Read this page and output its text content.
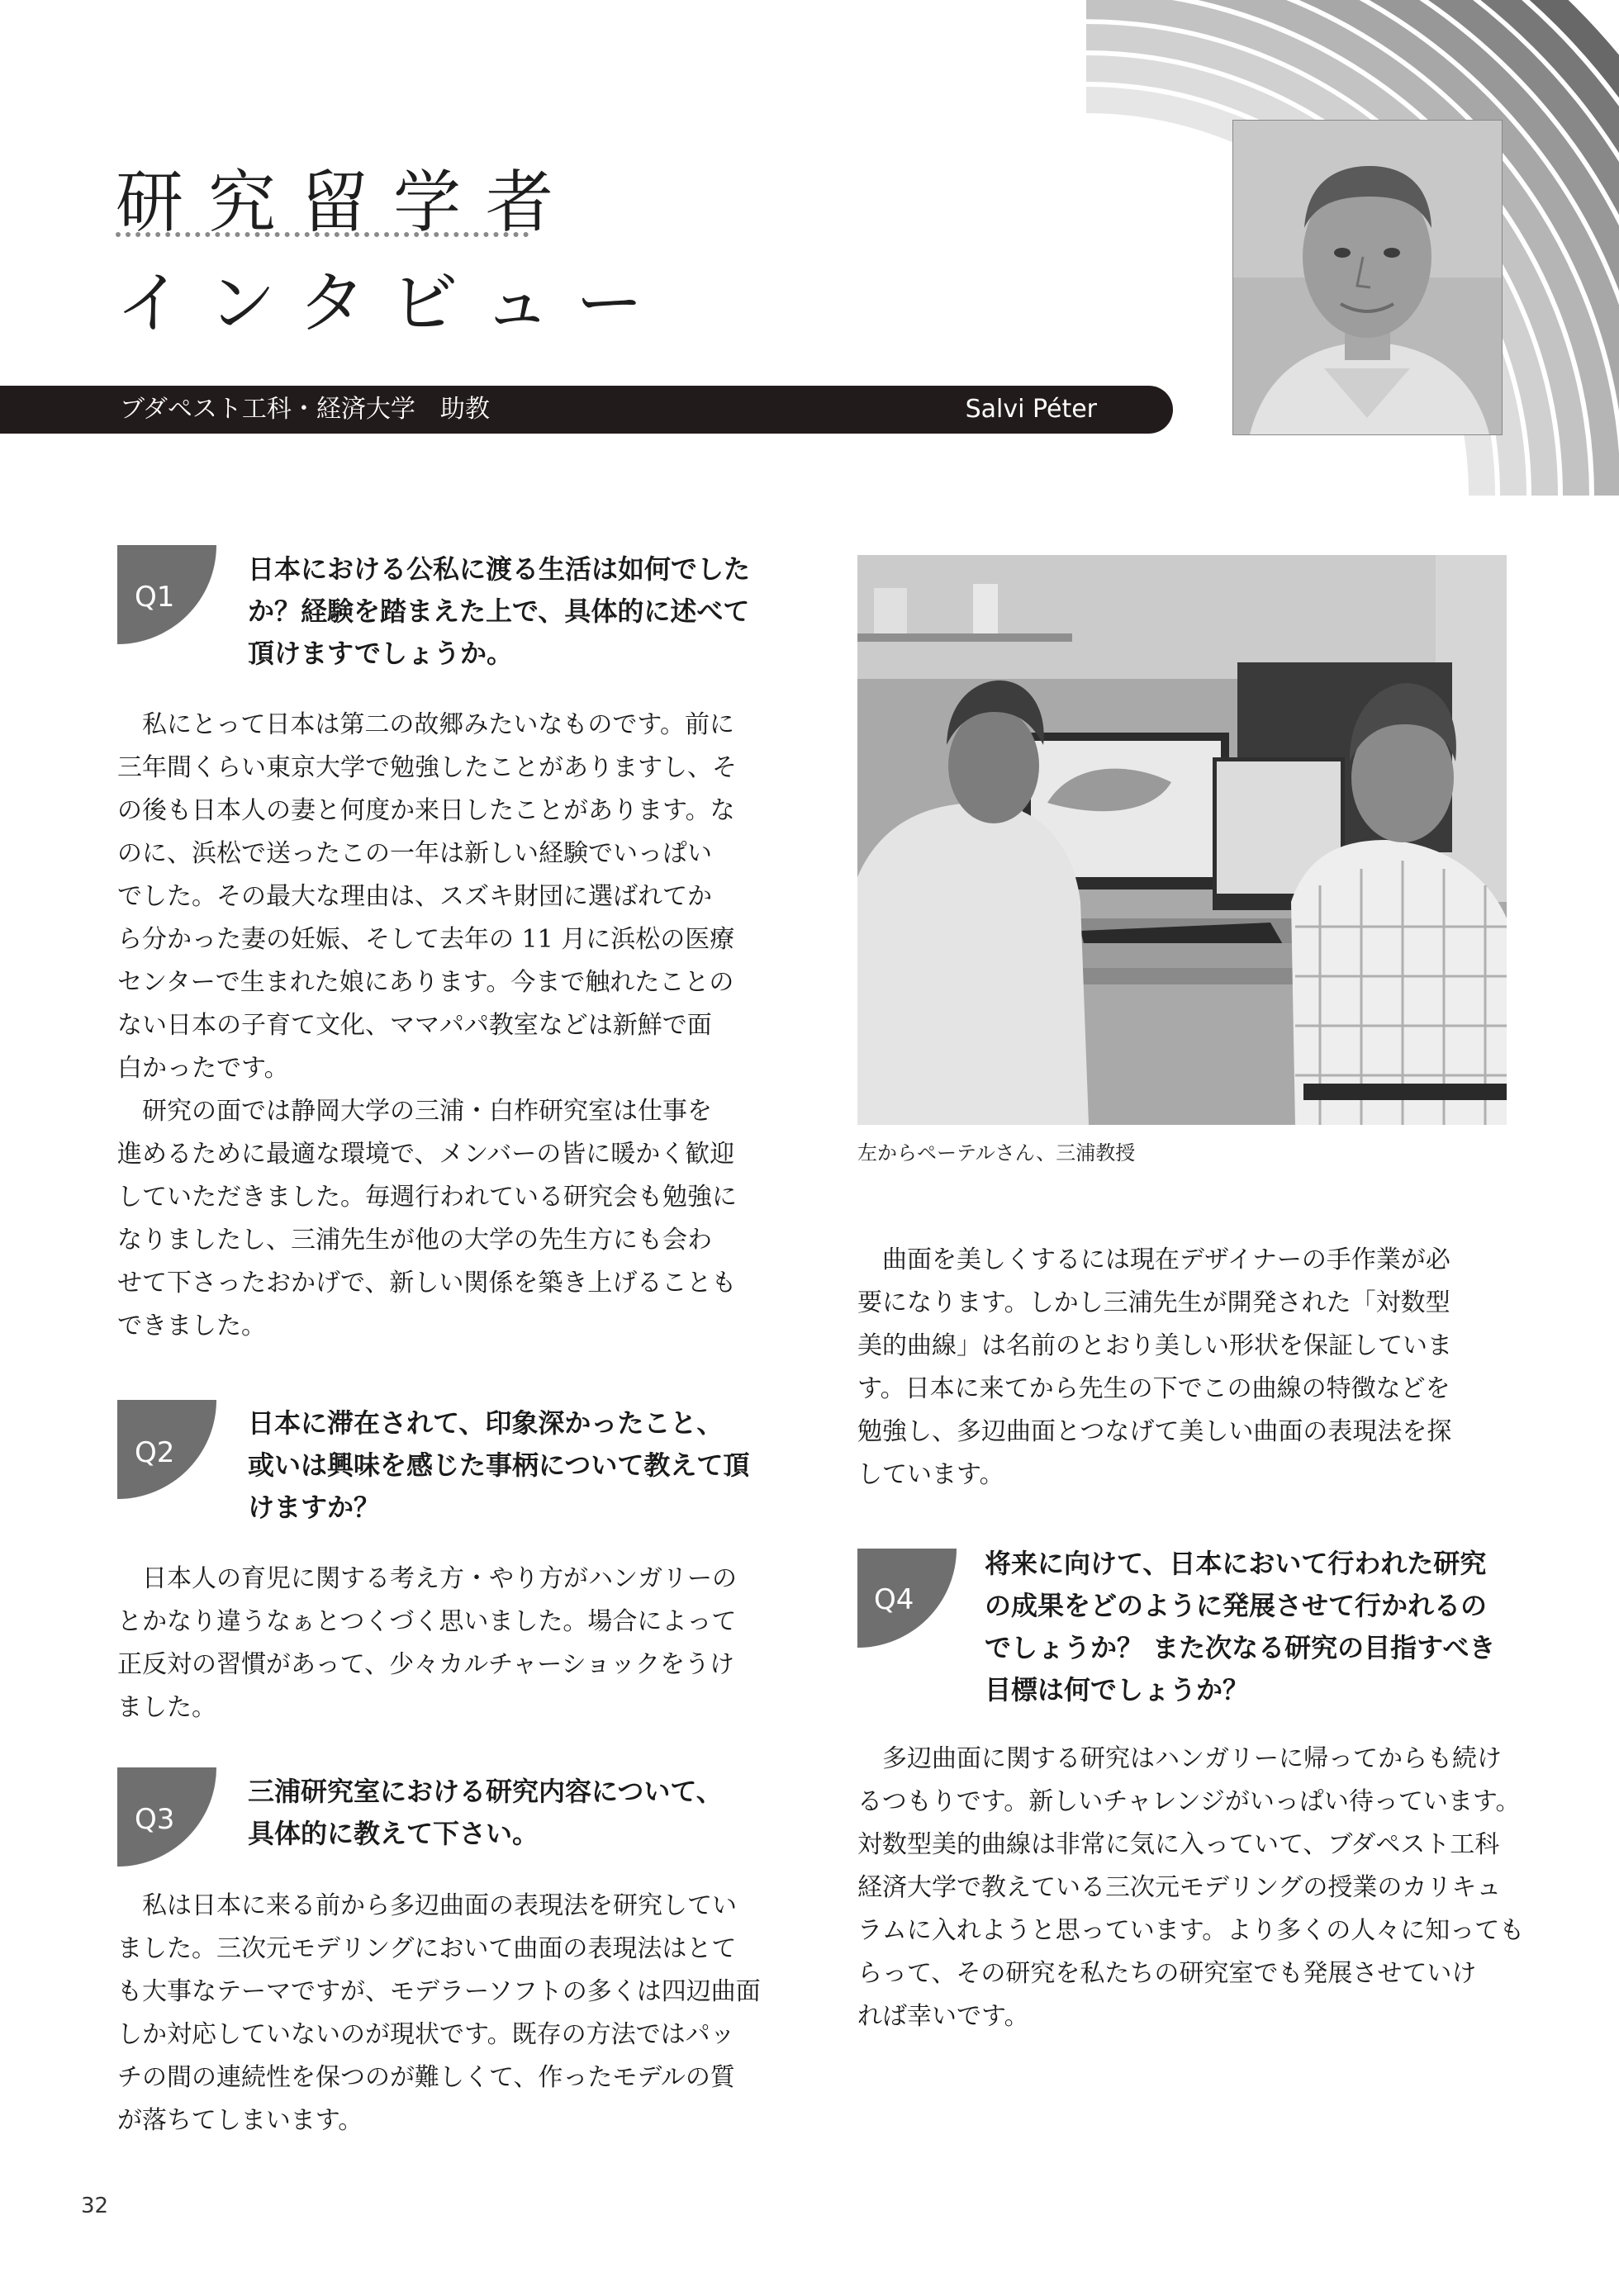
研究留学者
インタビュー
ブダペスト工科・経済大学　助教	Salvi Péter
Q1
日本における公私に渡る生活は如何でした
か？経験を踏まえた上で、具体的に述べて
頂けますでしょうか。
私にとって日本は第二の故郷みたいなものです。前に
三年間くらい東京大学で勉強したことがありますし、そ
の後も日本人の妻と何度か来日したことがあります。な
のに、浜松で送ったこの一年は新しい経験でいっぱい
でした。その最大な理由は、スズキ財団に選ばれてか
ら分かった妻の妊娠、そして去年の 11 月に浜松の医療
センターで生まれた娘にあります。今まで触れたことの
ない日本の子育て文化、ママパパ教室などは新鮮で面
白かったです。
研究の面では静岡大学の三浦・白柞研究室は仕事を
進めるために最適な環境で、メンバーの皆に暖かく歓迎
していただきました。毎週行われている研究会も勉強に
なりましたし、三浦先生が他の大学の先生方にも会わ
せて下さったおかげで、新しい関係を築き上げることも
できました。
Q2
日本に滞在されて、印象深かったこと、
或いは興味を感じた事柄について教えて頂
けますか？
日本人の育児に関する考え方・やり方がハンガリーの
とかなり違うなぁとつくづく思いました。場合によって
正反対の習慣があって、少々カルチャーショックをうけ
ました。
Q3
三浦研究室における研究内容について、
具体的に教えて下さい。
私は日本に来る前から多辺曲面の表現法を研究してい
ました。三次元モデリングにおいて曲面の表現法はとて
も大事なテーマですが、モデラーソフトの多くは四辺曲面
しか対応していないのが現状です。既存の方法ではパッ
チの間の連続性を保つのが難しくて、作ったモデルの質
が落ちてしまいます。

左からペーテルさん、三浦教授

曲面を美しくするには現在デザイナーの手作業が必
要になります。しかし三浦先生が開発された「対数型
美的曲線」は名前のとおり美しい形状を保証していま
す。日本に来てから先生の下でこの曲線の特徴などを
勉強し、多辺曲面とつなげて美しい曲面の表現法を探
しています。
Q4
将来に向けて、日本において行われた研究
の成果をどのように発展させて行かれるの
でしょうか？ また次なる研究の目指すべき
目標は何でしょうか？
多辺曲面に関する研究はハンガリーに帰ってからも続け
るつもりです。新しいチャレンジがいっぱい待っています。
対数型美的曲線は非常に気に入っていて、ブダペスト工科
経済大学で教えている三次元モデリングの授業のカリキュ
ラムに入れようと思っています。より多くの人々に知っても
らって、その研究を私たちの研究室でも発展させていけ
れば幸いです。

32
